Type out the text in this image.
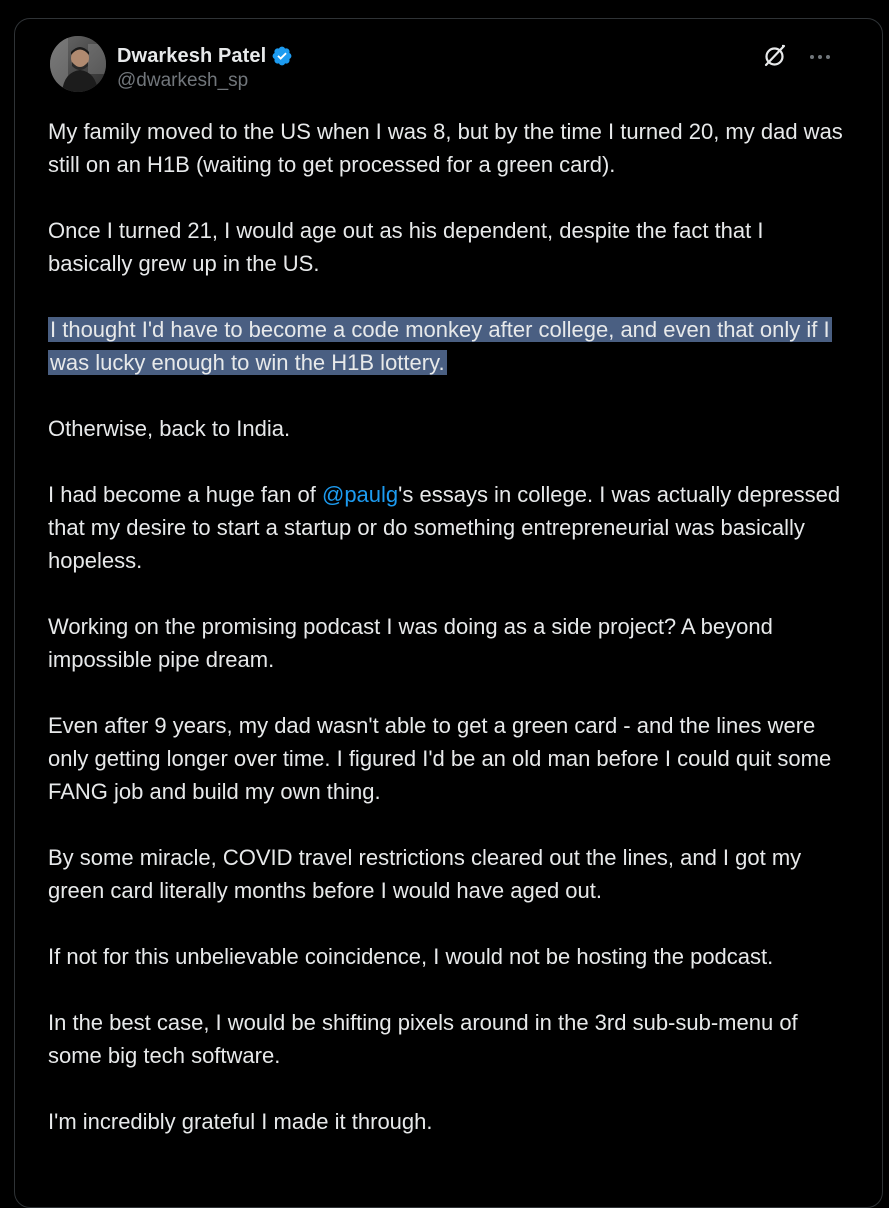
Dwarkesh Patel
@dwarkesh_sp

My family moved to the US when I was 8, but by the time I turned 20, my dad was still on an H1B (waiting to get processed for a green card).

Once I turned 21, I would age out as his dependent, despite the fact that I basically grew up in the US.

I thought I'd have to become a code monkey after college, and even that only if I was lucky enough to win the H1B lottery.

Otherwise, back to India.

I had become a huge fan of @paulg's essays in college. I was actually depressed that my desire to start a startup or do something entrepreneurial was basically hopeless.

Working on the promising podcast I was doing as a side project? A beyond impossible pipe dream.

Even after 9 years, my dad wasn't able to get a green card - and the lines were only getting longer over time. I figured I'd be an old man before I could quit some FANG job and build my own thing.

By some miracle, COVID travel restrictions cleared out the lines, and I got my green card literally months before I would have aged out.

If not for this unbelievable coincidence, I would not be hosting the podcast.

In the best case, I would be shifting pixels around in the 3rd sub-sub-menu of some big tech software.

I'm incredibly grateful I made it through.
